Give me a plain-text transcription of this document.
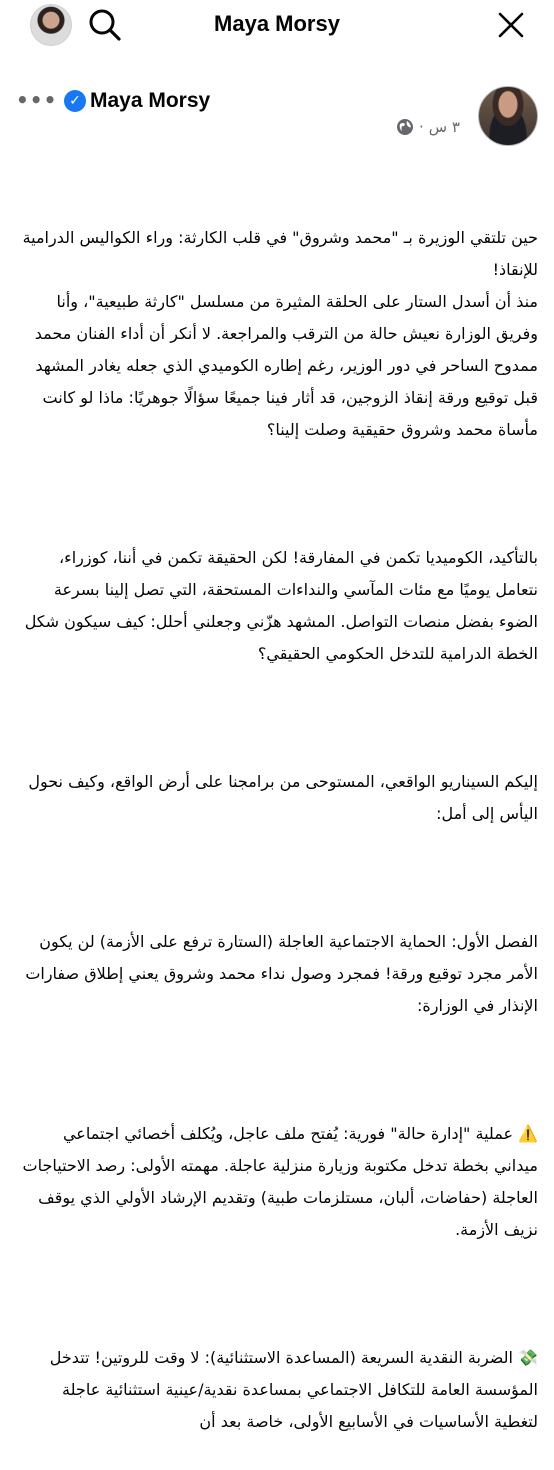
Maya Morsy
••• ✓ Maya Morsy
· ٣ س

حين تلتقي الوزيرة بـ "محمد وشروق" في قلب الكارثة: وراء الكواليس الدرامية للإنقاذ!
منذ أن أسدل الستار على الحلقة المثيرة من مسلسل "كارثة طبيعية"، وأنا وفريق الوزارة نعيش حالة من الترقب والمراجعة. لا أنكر أن أداء الفنان محمد ممدوح الساحر في دور الوزير، رغم إطاره الكوميدي الذي جعله يغادر المشهد قبل توقيع ورقة إنقاذ الزوجين، قد أثار فينا جميعًا سؤالًا جوهريًا: ماذا لو كانت مأساة محمد وشروق حقيقية وصلت إلينا؟

بالتأكيد، الكوميديا تكمن في المفارقة! لكن الحقيقة تكمن في أننا، كوزراء، نتعامل يوميًا مع مئات المآسي والنداءات المستحقة، التي تصل إلينا بسرعة الضوء بفضل منصات التواصل. المشهد هزّني وجعلني أحلل: كيف سيكون شكل الخطة الدرامية للتدخل الحكومي الحقيقي؟

إليكم السيناريو الواقعي، المستوحى من برامجنا على أرض الواقع، وكيف نحول اليأس إلى أمل:

الفصل الأول: الحماية الاجتماعية العاجلة (الستارة ترفع على الأزمة) لن يكون الأمر مجرد توقيع ورقة! فمجرد وصول نداء محمد وشروق يعني إطلاق صفارات الإنذار في الوزارة:

⚠️ عملية "إدارة حالة" فورية: يُفتح ملف عاجل، ويُكلف أخصائي اجتماعي ميداني بخطة تدخل مكتوبة وزيارة منزلية عاجلة. مهمته الأولى: رصد الاحتياجات العاجلة (حفاضات، ألبان، مستلزمات طبية) وتقديم الإرشاد الأولي الذي يوقف نزيف الأزمة.

💸 الضربة النقدية السريعة (المساعدة الاستثنائية): لا وقت للروتين! تتدخل المؤسسة العامة للتكافل الاجتماعي بمساعدة نقدية/عينية استثنائية عاجلة لتغطية الأساسيات في الأسابيع الأولى، خاصة بعد أن
